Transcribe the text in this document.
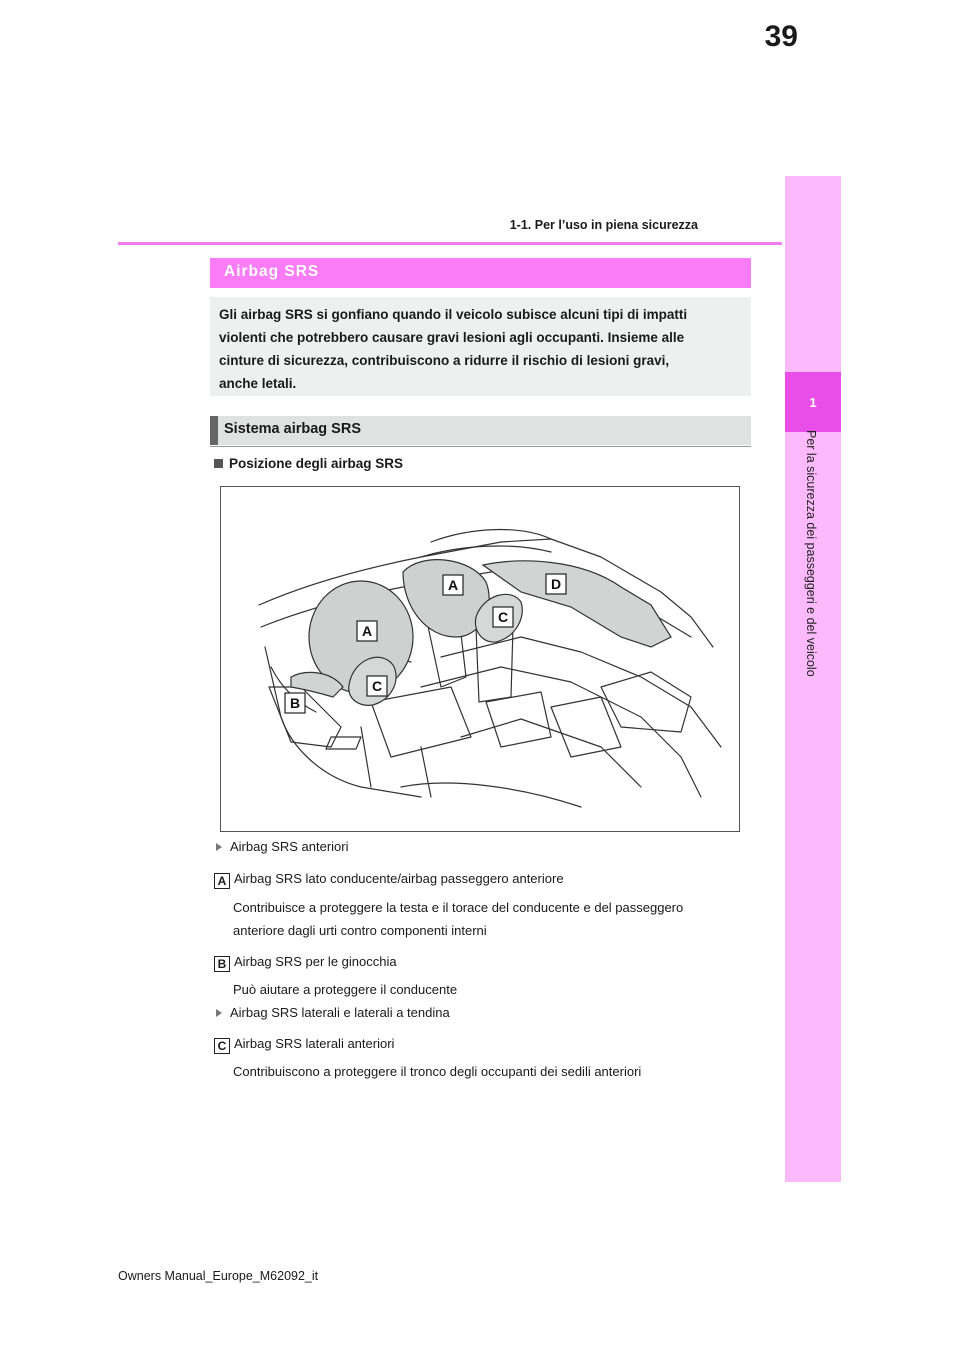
39
1-1. Per l’uso in piena sicurezza
1
Per la sicurezza dei passeggeri e del veicolo
Airbag SRS

Gli airbag SRS si gonfiano quando il veicolo subisce alcuni tipi di impatti
violenti che potrebbero causare gravi lesioni agli occupanti. Insieme alle
cinture di sicurezza, contribuiscono a ridurre il rischio di lesioni gravi,
anche letali.

Sistema airbag SRS
Posizione degli airbag SRS
A	D
C
A
C
B
Airbag SRS anteriori
A Airbag SRS lato conducente/airbag passeggero anteriore
Contribuisce a proteggere la testa e il torace del conducente e del passeggero
anteriore dagli urti contro componenti interni
B Airbag SRS per le ginocchia
Può aiutare a proteggere il conducente
Airbag SRS laterali e laterali a tendina
C Airbag SRS laterali anteriori
Contribuiscono a proteggere il tronco degli occupanti dei sedili anteriori
Owners Manual_Europe_M62092_it
